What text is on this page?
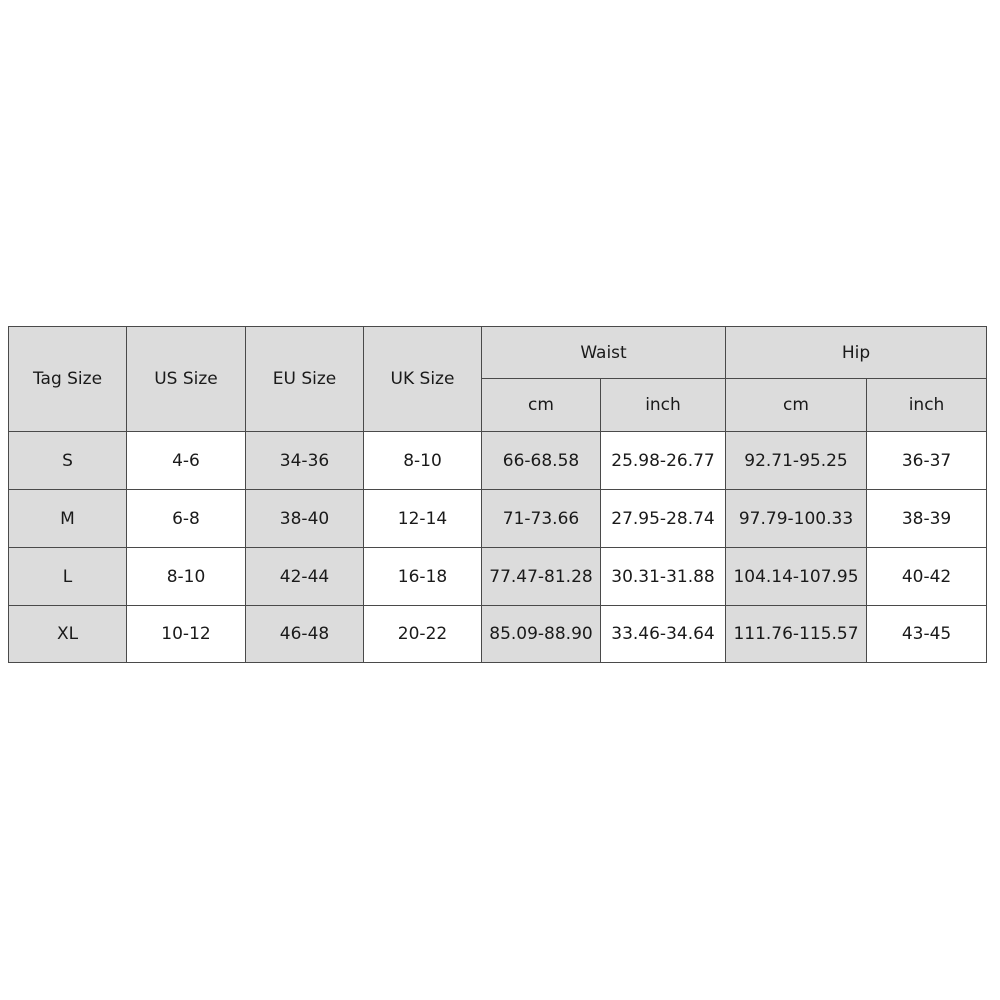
Tag Size	US Size	EU Size	UK Size	Waist		Hip	
				cm	inch	cm	inch
S	4-6	34-36	8-10	66-68.58	25.98-26.77	92.71-95.25	36-37
M	6-8	38-40	12-14	71-73.66	27.95-28.74	97.79-100.33	38-39
L	8-10	42-44	16-18	77.47-81.28	30.31-31.88	104.14-107.95	40-42
XL	10-12	46-48	20-22	85.09-88.90	33.46-34.64	111.76-115.57	43-45
